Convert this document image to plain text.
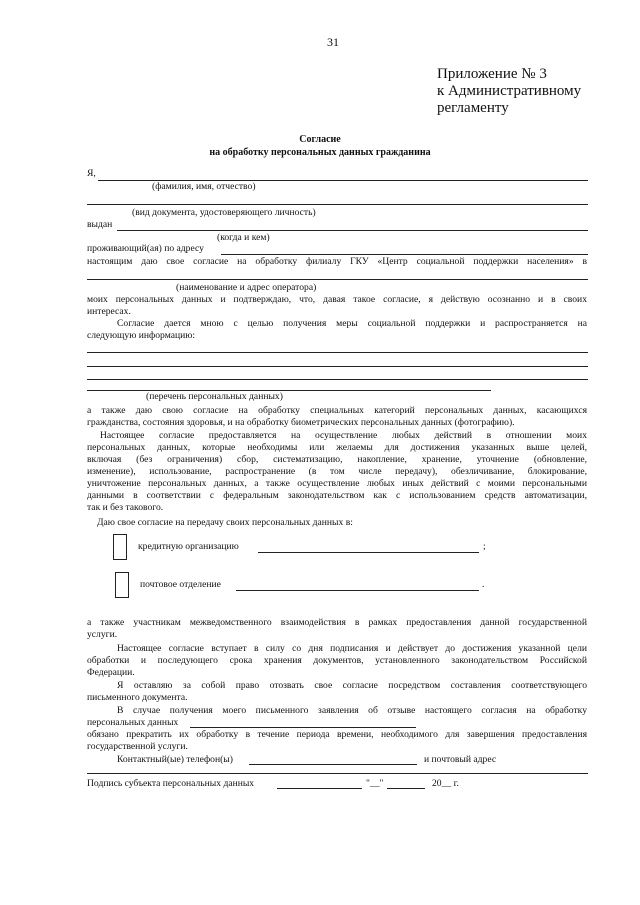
31
Приложение № 3
к Административному
регламенту
Согласие
на обработку персональных данных гражданина
Я,
(фамилия, имя, отчество)
(вид документа, удостоверяющего личность)
выдан
(когда и кем)
проживающий(ая) по адресу
настоящим даю свое согласие на обработку филиалу ГКУ «Центр социальной поддержки населения» в
(наименование и адрес оператора)
моих персональных данных и подтверждаю, что, давая такое согласие, я действую осознанно и в своих
интересах.
Согласие дается мною с целью получения меры социальной поддержки и распространяется на
следующую информацию:
(перечень персональных данных)
а также даю свою согласие на обработку специальных категорий персональных данных, касающихся
гражданства, состояния здоровья, и на обработку биометрических персональных данных (фотографию).
Настоящее согласие предоставляется на осуществление любых действий в отношении моих
персональных данных, которые необходимы или желаемы для достижения указанных выше целей,
включая (без ограничения) сбор, систематизацию, накопление, хранение, уточнение (обновление,
изменение), использование, распространение (в том числе передачу), обезличивание, блокирование,
уничтожение персональных данных, а также осуществление любых иных действий с моими персональными
данными в соответствии с федеральным законодательством как с использованием средств автоматизации,
так и без такового.
Даю свое согласие на передачу своих персональных данных в:
кредитную организацию	;
почтовое отделение	.
а также участникам межведомственного взаимодействия в рамках предоставления данной государственной
услуги.
Настоящее согласие вступает в силу со дня подписания и действует до достижения указанной цели
обработки и последующего срока хранения документов, установленного законодательством Российской
Федерации.
Я оставляю за собой право отозвать свое согласие посредством составления соответствующего
письменного документа.
В случае получения моего письменного заявления об отзыве настоящего согласия на обработку
персональных данных
обязано прекратить их обработку в течение периода времени, необходимого для завершения предоставления
государственной услуги.
Контактный(ые) телефон(ы)	и почтовый адрес
Подпись субъекта персональных данных	"__"	20__ г.
